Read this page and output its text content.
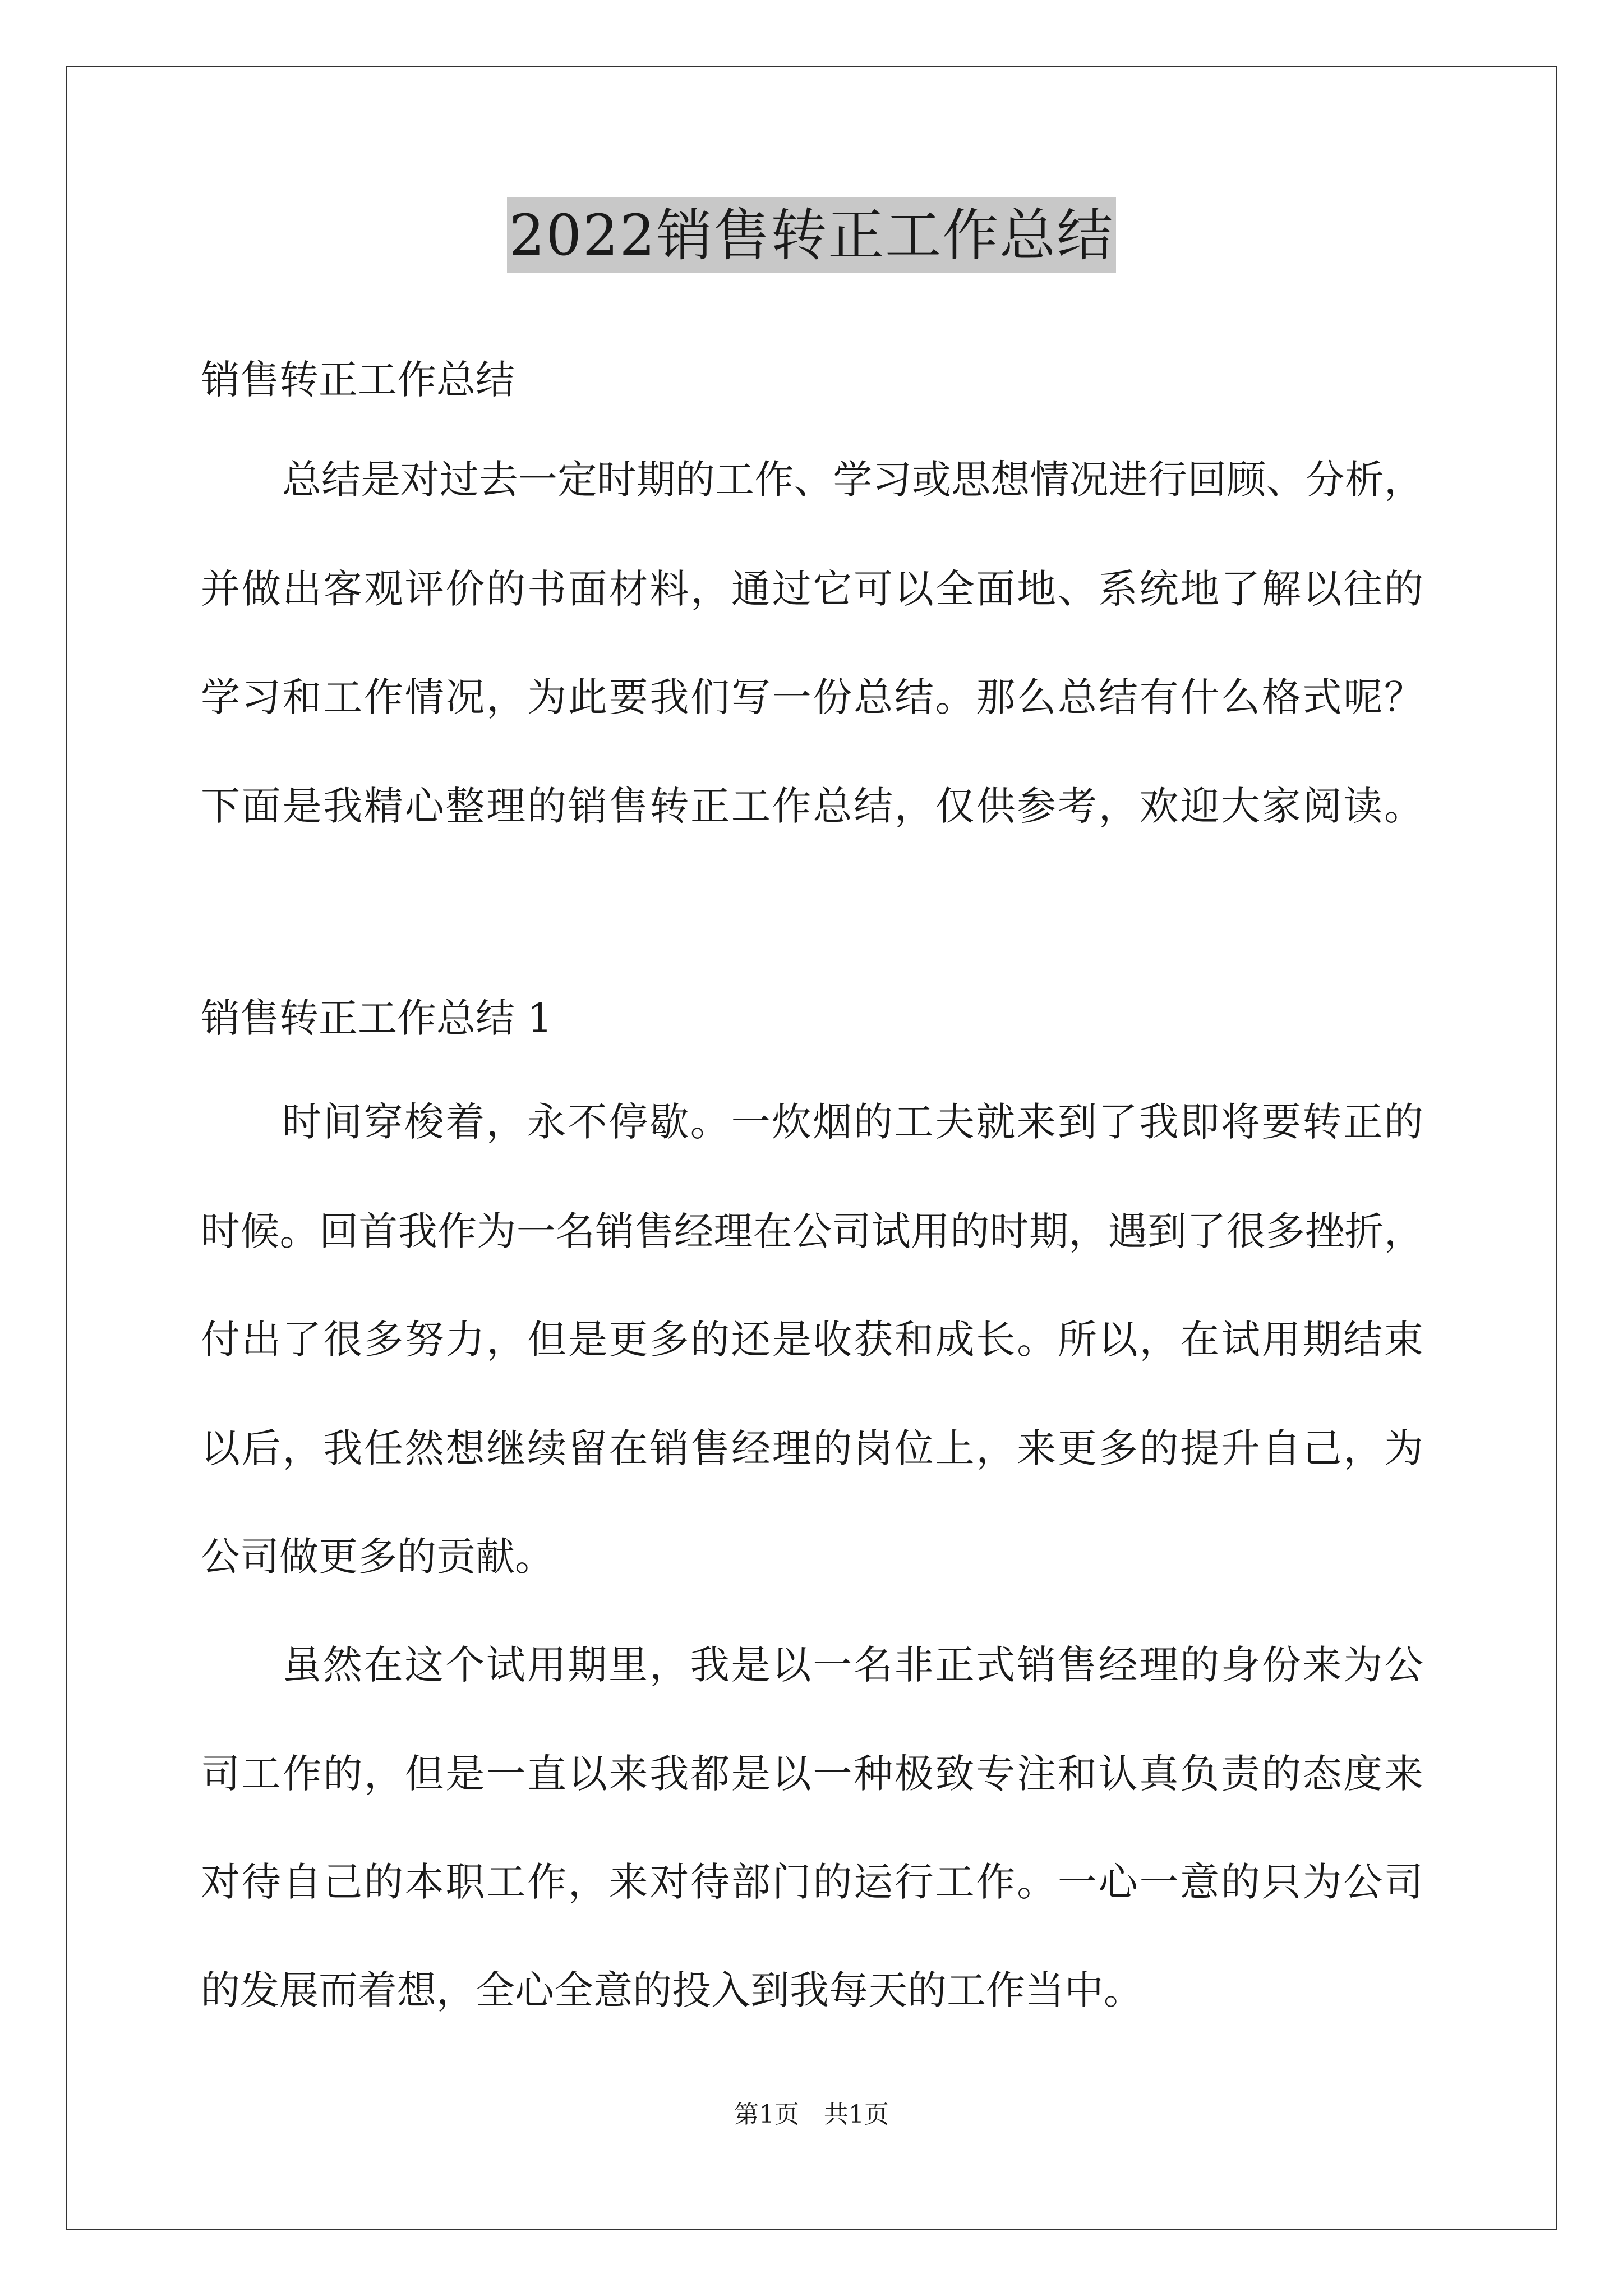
2022销售转正工作总结
销售转正工作总结
总结是对过去一定时期的工作、学习或思想情况进行回顾、分析，
并做出客观评价的书面材料，通过它可以全面地、系统地了解以往的
学习和工作情况，为此要我们写一份总结。那么总结有什么格式呢？
下面是我精心整理的销售转正工作总结，仅供参考，欢迎大家阅读。
销售转正工作总结 1
时间穿梭着，永不停歇。一炊烟的工夫就来到了我即将要转正的
时候。回首我作为一名销售经理在公司试用的时期，遇到了很多挫折，
付出了很多努力，但是更多的还是收获和成长。所以，在试用期结束
以后，我任然想继续留在销售经理的岗位上，来更多的提升自己，为
公司做更多的贡献。
虽然在这个试用期里，我是以一名非正式销售经理的身份来为公
司工作的，但是一直以来我都是以一种极致专注和认真负责的态度来
对待自己的本职工作，来对待部门的运行工作。一心一意的只为公司
的发展而着想，全心全意的投入到我每天的工作当中。
第1页　共1页
